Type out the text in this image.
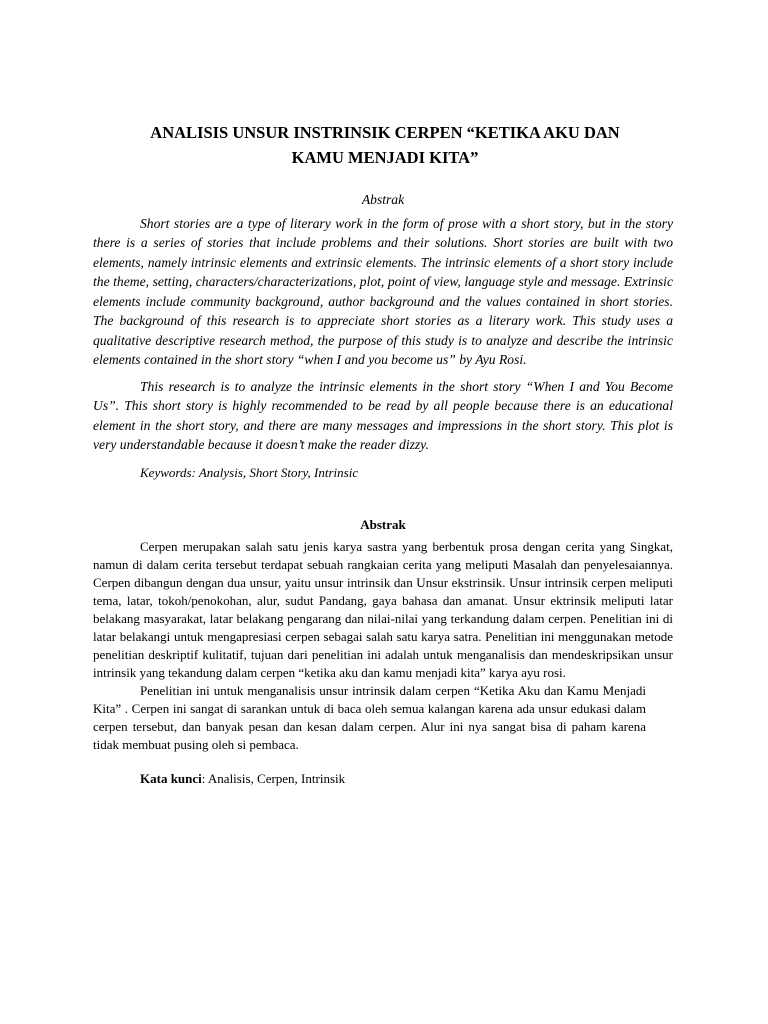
ANALISIS UNSUR INSTRINSIK CERPEN “KETIKA AKU DAN
KAMU MENJADI KITA”
Abstrak

Short stories are a type of literary work in the form of prose with a short story, but in the story there is a series of stories that include problems and their solutions. Short stories are built with two elements, namely intrinsic elements and extrinsic elements. The intrinsic elements of a short story include the theme, setting, characters/characterizations, plot, point of view, language style and message. Extrinsic elements include community background, author background and the values contained in short stories. The background of this research is to appreciate short stories as a literary work. This study uses a qualitative descriptive research method, the purpose of this study is to analyze and describe the intrinsic elements contained in the short story “when I and you become us” by Ayu Rosi.

This research is to analyze the intrinsic elements in the short story “When I and You Become Us”. This short story is highly recommended to be read by all people because there is an educational element in the short story, and there are many messages and impressions in the short story. This plot is very understandable because it doesn’t make the reader dizzy.

Keywords: Analysis, Short Story, Intrinsic
Abstrak

Cerpen merupakan salah satu jenis karya sastra yang berbentuk prosa dengan cerita yang Singkat, namun di dalam cerita tersebut terdapat sebuah rangkaian cerita yang meliputi Masalah dan penyelesaiannya. Cerpen dibangun dengan dua unsur, yaitu unsur intrinsik dan Unsur ekstrinsik. Unsur intrinsik cerpen meliputi tema, latar, tokoh/penokohan, alur, sudut Pandang, gaya bahasa dan amanat. Unsur ektrinsik meliputi latar belakang masyarakat, latar belakang pengarang dan nilai-nilai yang terkandung dalam cerpen. Penelitian ini di latar belakangi untuk mengapresiasi cerpen sebagai salah satu karya satra. Penelitian ini menggunakan metode penelitian deskriptif kulitatif, tujuan dari penelitian ini adalah untuk menganalisis dan mendeskripsikan unsur intrinsik yang tekandung dalam cerpen “ketika aku dan kamu menjadi kita” karya ayu rosi.

Penelitian ini untuk menganalisis unsur intrinsik dalam cerpen “Ketika Aku dan Kamu Menjadi Kita” . Cerpen ini sangat di sarankan untuk di baca oleh semua kalangan karena ada unsur edukasi dalam cerpen tersebut, dan banyak pesan dan kesan dalam cerpen. Alur ini nya sangat bisa di paham karena tidak membuat pusing oleh si pembaca.

Kata kunci: Analisis, Cerpen, Intrinsik
